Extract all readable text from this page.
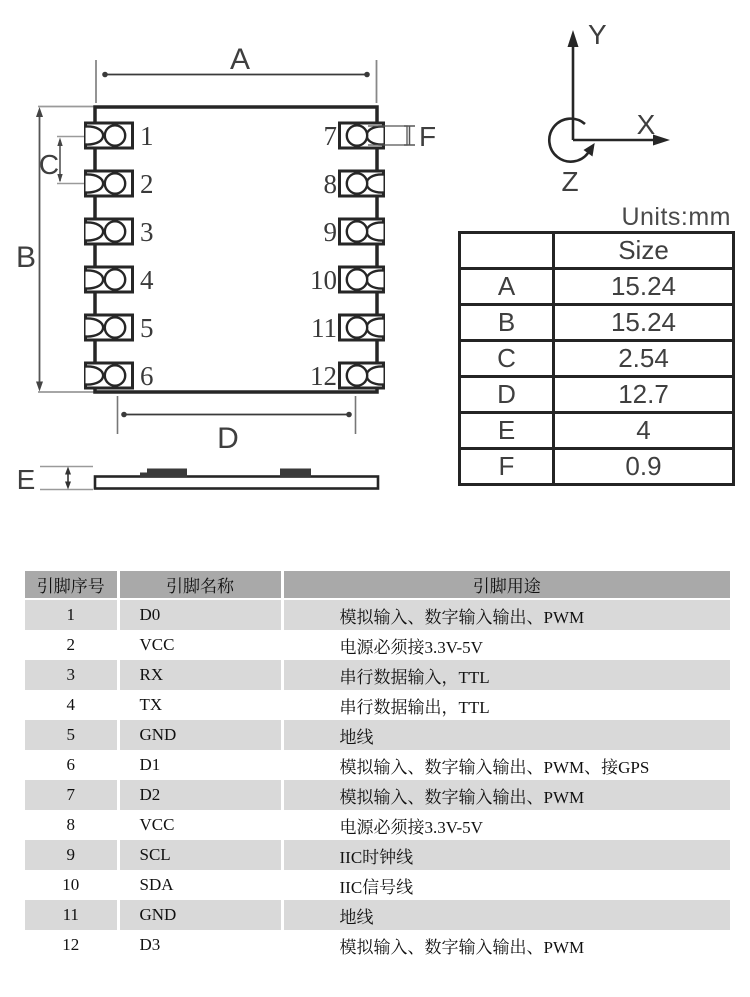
A
B
C
1
2
3
4
5
6
7
8
9
10
11
12
F
D
E
Y
X
Z
Units:mm
	Size
A	15.24
B	15.24
C	2.54
D	12.7
E	4
F	0.9
引脚序号	引脚名称	引脚用途
1	D0	模拟输入、数字输入输出、PWM
2	VCC	电源必须接3.3V-5V
3	RX	串行数据输入，TTL
4	TX	串行数据输出，TTL
5	GND	地线
6	D1	模拟输入、数字输入输出、PWM、接GPS
7	D2	模拟输入、数字输入输出、PWM
8	VCC	电源必须接3.3V-5V
9	SCL	IIC时钟线
10	SDA	IIC信号线
11	GND	地线
12	D3	模拟输入、数字输入输出、PWM
